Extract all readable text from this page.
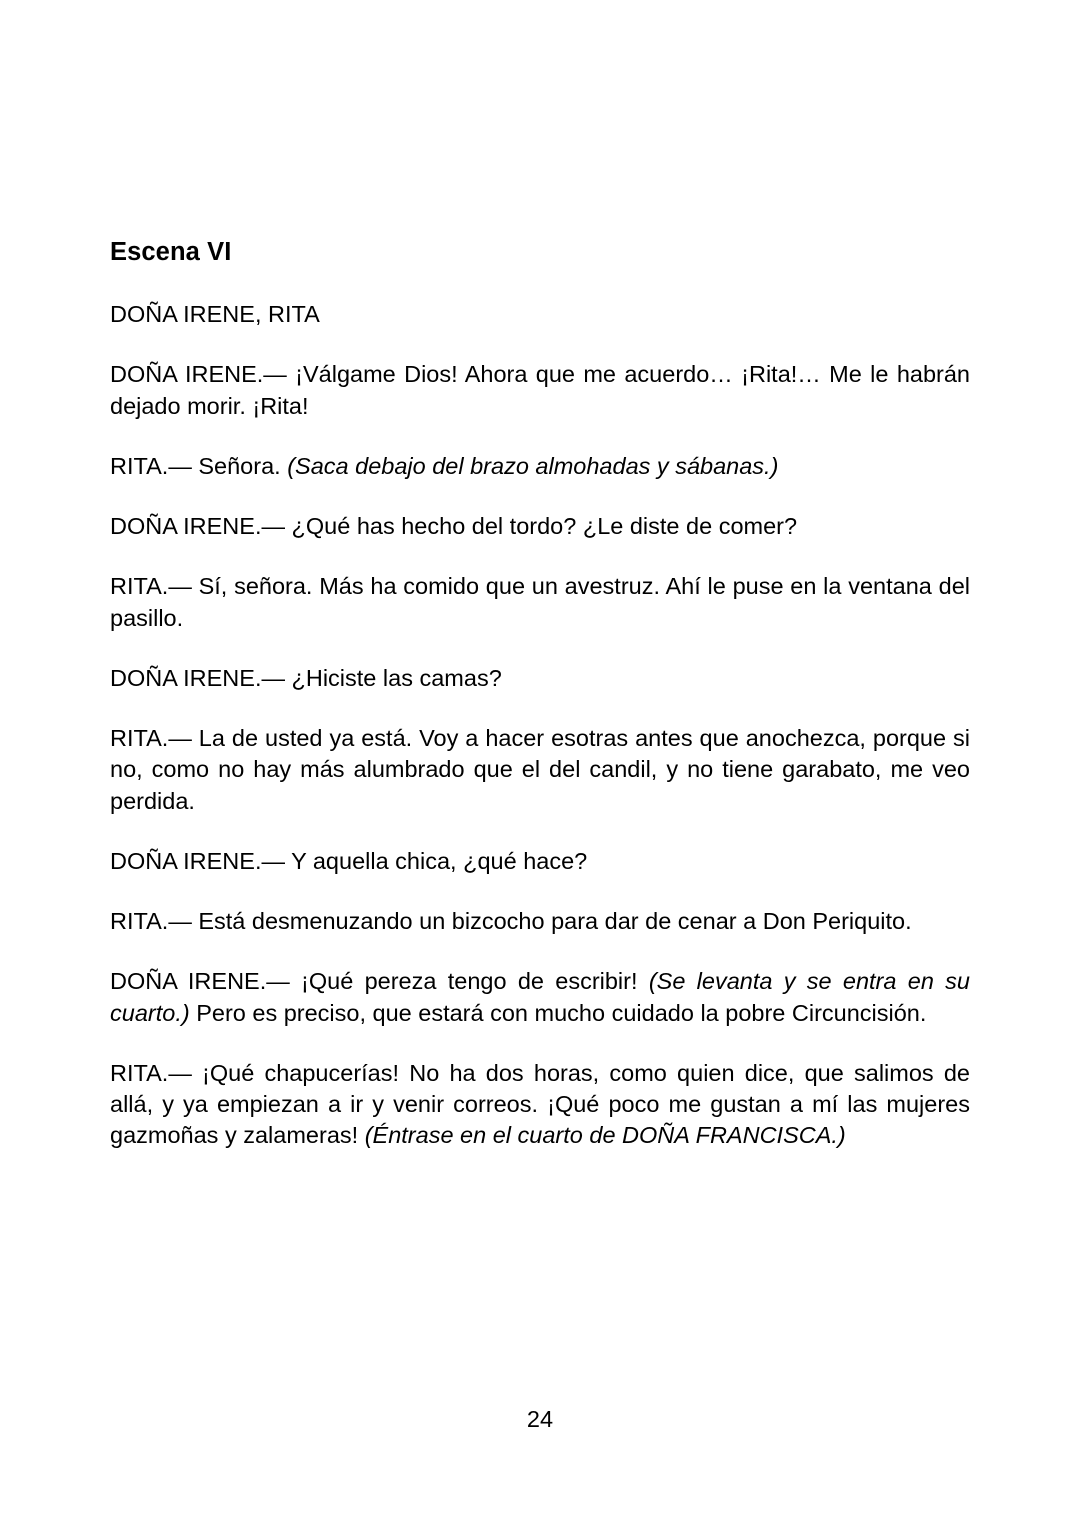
Escena VI

DOÑA IRENE, RITA

DOÑA IRENE.— ¡Válgame Dios! Ahora que me acuerdo… ¡Rita!… Me le habrán dejado morir. ¡Rita!

RITA.— Señora. (Saca debajo del brazo almohadas y sábanas.)

DOÑA IRENE.— ¿Qué has hecho del tordo? ¿Le diste de comer?

RITA.— Sí, señora. Más ha comido que un avestruz. Ahí le puse en la ventana del pasillo.

DOÑA IRENE.— ¿Hiciste las camas?

RITA.— La de usted ya está. Voy a hacer esotras antes que anochezca, porque si no, como no hay más alumbrado que el del candil, y no tiene garabato, me veo perdida.

DOÑA IRENE.— Y aquella chica, ¿qué hace?

RITA.— Está desmenuzando un bizcocho para dar de cenar a Don Periquito.

DOÑA IRENE.— ¡Qué pereza tengo de escribir! (Se levanta y se entra en su cuarto.) Pero es preciso, que estará con mucho cuidado la pobre Circuncisión.

RITA.— ¡Qué chapucerías! No ha dos horas, como quien dice, que salimos de allá, y ya empiezan a ir y venir correos. ¡Qué poco me gustan a mí las mujeres gazmoñas y zalameras! (Éntrase en el cuarto de DOÑA FRANCISCA.)

24
